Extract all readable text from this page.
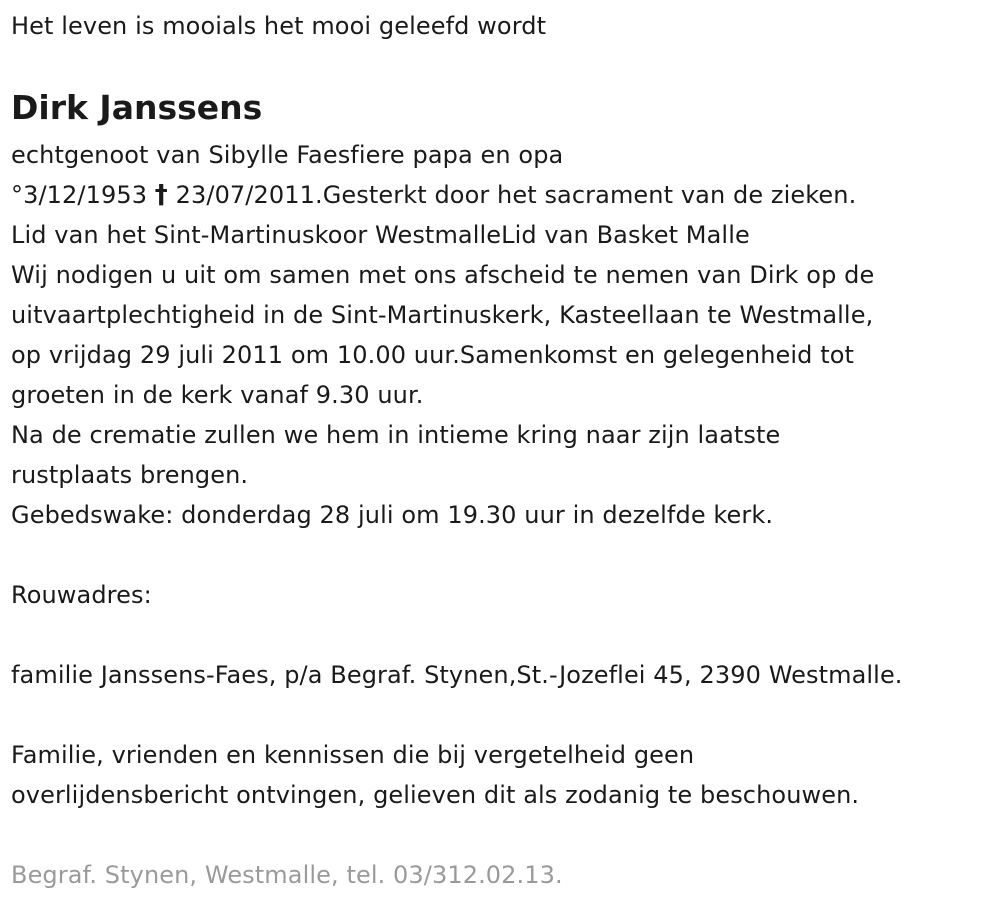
Het leven is mooials het mooi geleefd wordt
Dirk Janssens
echtgenoot van Sibylle Faesfiere papa en opa
°3/12/1953 † 23/07/2011.Gesterkt door het sacrament van de zieken.
Lid van het Sint-Martinuskoor WestmalleLid van Basket Malle
Wij nodigen u uit om samen met ons afscheid te nemen van Dirk op de
uitvaartplechtigheid in de Sint-Martinuskerk, Kasteellaan te Westmalle,
op vrijdag 29 juli 2011 om 10.00 uur.Samenkomst en gelegenheid tot
groeten in de kerk vanaf 9.30 uur.
Na de crematie zullen we hem in intieme kring naar zijn laatste
rustplaats brengen.
Gebedswake: donderdag 28 juli om 19.30 uur in dezelfde kerk.
Rouwadres:
familie Janssens-Faes, p/a Begraf. Stynen,St.-Jozeflei 45, 2390 Westmalle.
Familie, vrienden en kennissen die bij vergetelheid geen
overlijdensbericht ontvingen, gelieven dit als zodanig te beschouwen.
Begraf. Stynen, Westmalle, tel. 03/312.02.13.
